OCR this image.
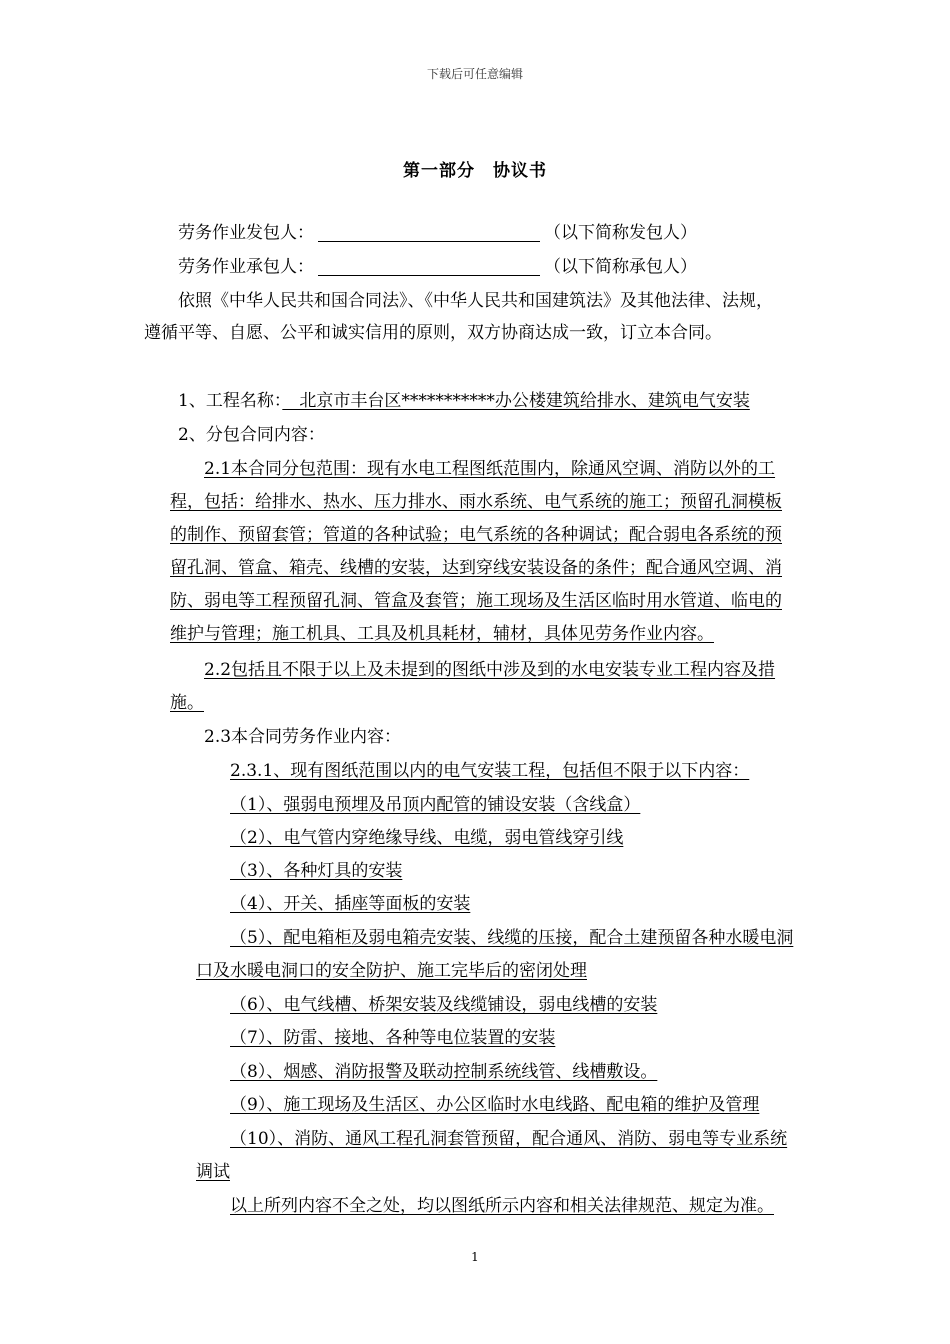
下载后可任意编辑
第一部分　协议书
劳务作业发包人：	（以下简称发包人）
劳务作业承包人：	（以下简称承包人）
依照《中华人民共和国合同法》、《中华人民共和国建筑法》及其他法律、法规，
遵循平等、自愿、公平和诚实信用的原则，双方协商达成一致，订立本合同。
1、工程名称：　北京市丰台区***********办公楼建筑给排水、建筑电气安装
2、分包合同内容：
2.1本合同分包范围：现有水电工程图纸范围内，除通风空调、消防以外的工
程，包括：给排水、热水、压力排水、雨水系统、电气系统的施工；预留孔洞模板
的制作、预留套管；管道的各种试验；电气系统的各种调试；配合弱电各系统的预
留孔洞、管盒、箱壳、线槽的安装，达到穿线安装设备的条件；配合通风空调、消
防、弱电等工程预留孔洞、管盒及套管；施工现场及生活区临时用水管道、临电的
维护与管理；施工机具、工具及机具耗材，辅材，具体见劳务作业内容。
2.2包括且不限于以上及未提到的图纸中涉及到的水电安装专业工程内容及措
施。
2.3本合同劳务作业内容：
2.3.1、现有图纸范围以内的电气安装工程，包括但不限于以下内容：
（1）、强弱电预埋及吊顶内配管的铺设安装（含线盒）
（2）、电气管内穿绝缘导线、电缆，弱电管线穿引线
（3）、各种灯具的安装
（4）、开关、插座等面板的安装
（5）、配电箱柜及弱电箱壳安装、线缆的压接，配合土建预留各种水暖电洞
口及水暖电洞口的安全防护、施工完毕后的密闭处理
（6）、电气线槽、桥架安装及线缆铺设，弱电线槽的安装
（7）、防雷、接地、各种等电位装置的安装
（8）、烟感、消防报警及联动控制系统线管、线槽敷设。
（9）、施工现场及生活区、办公区临时水电线路、配电箱的维护及管理
（10）、消防、通风工程孔洞套管预留，配合通风、消防、弱电等专业系统
调试
以上所列内容不全之处，均以图纸所示内容和相关法律规范、规定为准。
1
